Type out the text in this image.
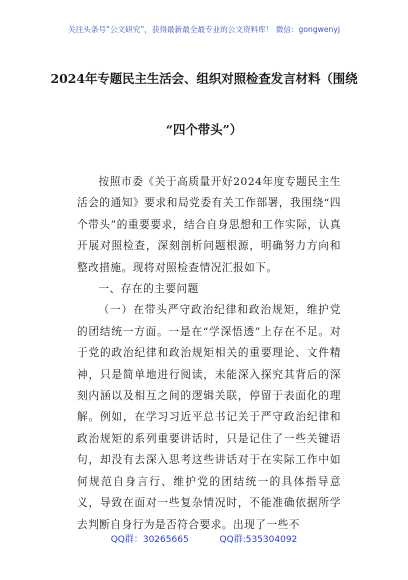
关注头条号“公文研究”，获得最新最全最专业的公文资料库！ 微信：gongwenyj
2024年专题民主生活会、组织对照检查发言材料（围绕
“四个带头”）

按照市委《关于高质量开好2024年度专题民主生活会的通知》要求和局党委有关工作部署，我围绕“四个带头”的重要要求，结合自身思想和工作实际，认真开展对照检查，深刻剖析问题根源，明确努力方向和整改措施。现将对照检查情况汇报如下。

一、存在的主要问题

（一）在带头严守政治纪律和政治规矩，维护党的团结统一方面。一是在“学深悟透”上存在不足。对于党的政治纪律和政治规矩相关的重要理论、文件精神，只是简单地进行阅读，未能深入探究其背后的深刻内涵以及相互之间的逻辑关联，停留于表面化的理解。例如，在学习习近平总书记关于严守政治纪律和政治规矩的系列重要讲话时，只是记住了一些关键语句，却没有去深入思考这些讲话对于在实际工作中如何规范自身言行、维护党的团结统一的具体指导意义，导致在面对一些复杂情况时，不能准确依据所学去判断自身行为是否符合要求。出现了一些不

QQ群：30265665	QQ群:535304092
